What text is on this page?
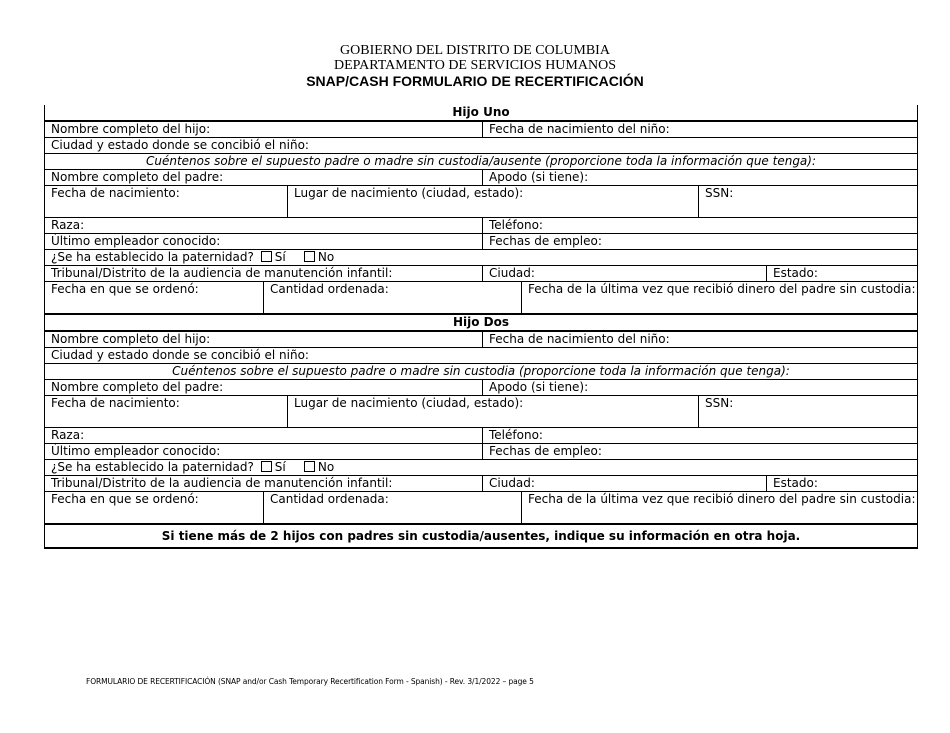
GOBIERNO DEL DISTRITO DE COLUMBIA
DEPARTAMENTO DE SERVICIOS HUMANOS
SNAP/CASH FORMULARIO DE RECERTIFICACIÓN
Hijo Uno						
Nombre completo del hijo:			Fecha de nacimiento del niño:			
Ciudad y estado donde se concibió el niño:						
Cuéntenos sobre el supuesto padre o madre sin custodia/ausente (proporcione toda la información que tenga):						
Nombre completo del padre:			Apodo (si tiene):			
Fecha de nacimiento:		Lugar de nacimiento (ciudad, estado):			SSN:	
Raza:			Teléfono:			
Último empleador conocido:			Fechas de empleo:			
¿Se ha establecido la paternidad? Sí No						
Tribunal/Distrito de la audiencia de manutención infantil:			Ciudad:			Estado:
Fecha en que se ordenó:	Cantidad ordenada:			Fecha de la última vez que recibió dinero del padre sin custodia:		
Hijo Dos						
Nombre completo del hijo:			Fecha de nacimiento del niño:			
Ciudad y estado donde se concibió el niño:						
Cuéntenos sobre el supuesto padre o madre sin custodia (proporcione toda la información que tenga):						
Nombre completo del padre:			Apodo (si tiene):			
Fecha de nacimiento:		Lugar de nacimiento (ciudad, estado):			SSN:	
Raza:			Teléfono:			
Último empleador conocido:			Fechas de empleo:			
¿Se ha establecido la paternidad? Sí No						
Tribunal/Distrito de la audiencia de manutención infantil:			Ciudad:			Estado:
Fecha en que se ordenó:	Cantidad ordenada:			Fecha de la última vez que recibió dinero del padre sin custodia:		
Si tiene más de 2 hijos con padres sin custodia/ausentes, indique su información en otra hoja.						
FORMULARIO DE RECERTIFICACIÓN (SNAP and/or Cash Temporary Recertification Form - Spanish) - Rev. 3/1/2022 – page 5
